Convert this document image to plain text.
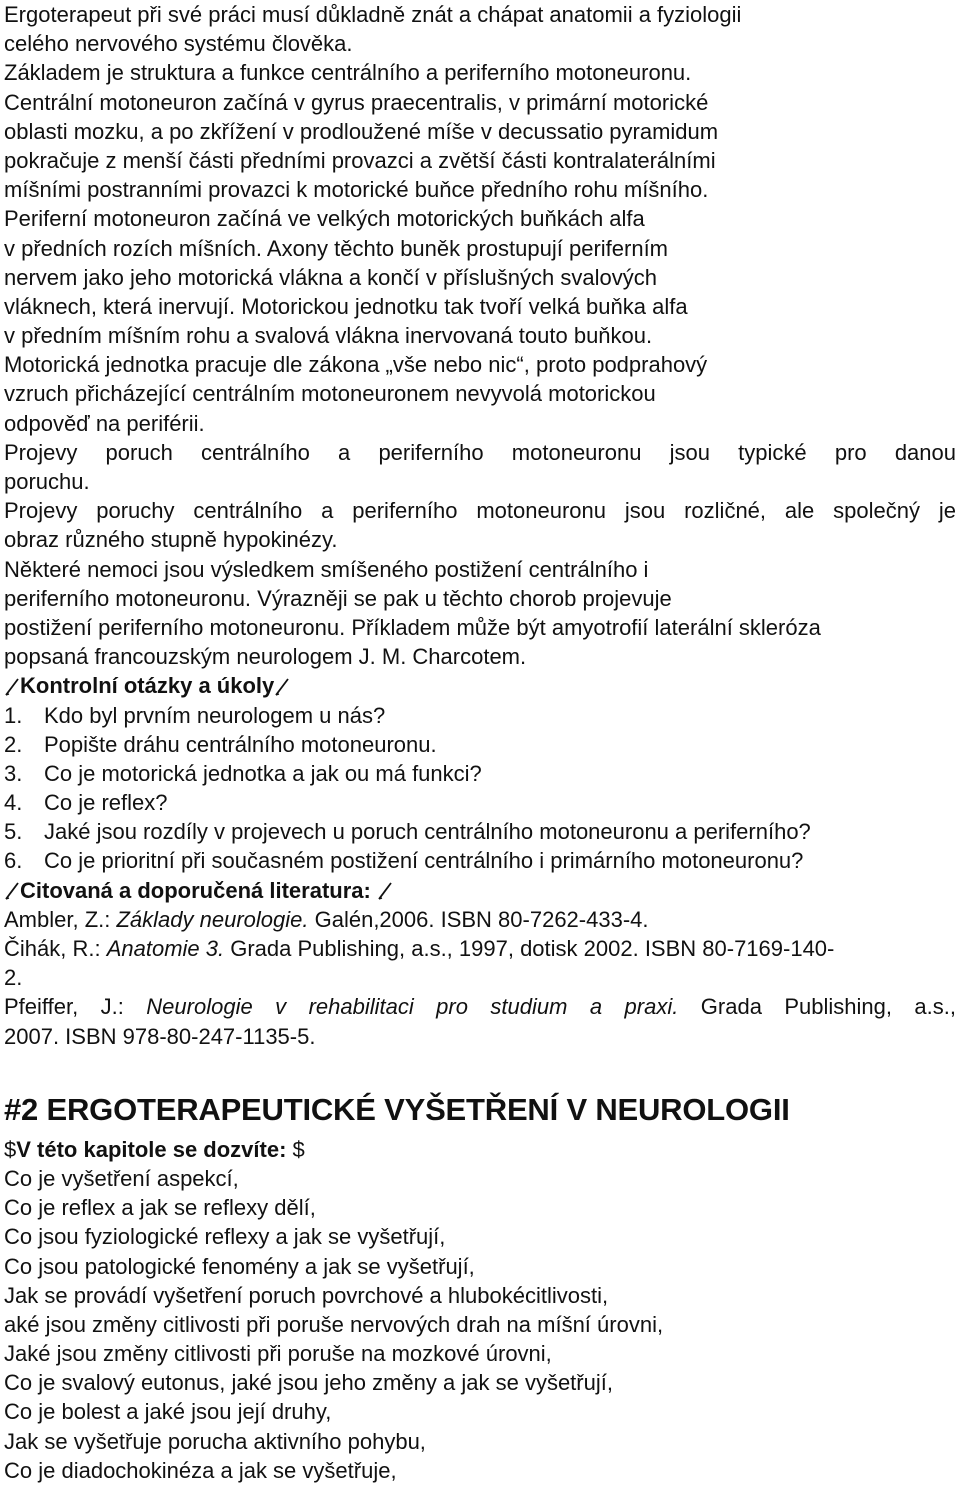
Ergoterapeut při své práci musí důkladně znát a chápat anatomii a fyziologii
celého nervového systému člověka.
Základem je struktura a funkce centrálního a periferního motoneuronu.
Centrální motoneuron začíná v gyrus praecentralis, v primární motorické
oblasti mozku, a po zkřížení v prodloužené míše v decussatio pyramidum
pokračuje z menší části předními provazci a zvětší části kontralaterálními
míšními postranními provazci k motorické buňce předního rohu míšního.
Periferní motoneuron začíná ve velkých motorických buňkách alfa
v předních rozích míšních. Axony těchto buněk prostupují periferním
nervem jako jeho motorická vlákna a končí v příslušných svalových
vláknech, která inervují. Motorickou jednotku tak tvoří velká buňka alfa
v předním míšním rohu a svalová vlákna inervovaná touto buňkou.
Motorická jednotka pracuje dle zákona „vše nebo nic“, proto podprahový
vzruch přicházející centrálním motoneuronem nevyvolá motorickou
odpověď na periférii.
Projevy poruch centrálního a periferního motoneuronu jsou typické pro danou
poruchu.
Projevy poruchy centrálního a periferního motoneuronu jsou rozličné, ale společný je
obraz různého stupně hypokinézy.
Některé nemoci jsou výsledkem smíšeného postižení centrálního i
periferního motoneuronu. Výrazněji se pak u těchto chorob projevuje
postižení periferního motoneuronu. Příkladem může být amyotrofií laterální skleróza
popsaná francouzským neurologem J. M. Charcotem.
Kontrolní otázky a úkoly
1. Kdo byl prvním neurologem u nás?
2. Popište dráhu centrálního motoneuronu.
3. Co je motorická jednotka a jak ou má funkci?
4. Co je reflex?
5. Jaké jsou rozdíly v projevech u poruch centrálního motoneuronu a periferního?
6. Co je prioritní při současném postižení centrálního i primárního motoneuronu?
Citovaná a doporučená literatura:
Ambler, Z.: Základy neurologie. Galén,2006. ISBN 80-7262-433-4.
Čihák, R.: Anatomie 3. Grada Publishing, a.s., 1997, dotisk 2002. ISBN 80-7169-140-
2.
Pfeiffer, J.: Neurologie v rehabilitaci pro studium a praxi. Grada Publishing, a.s.,
2007. ISBN 978-80-247-1135-5.
#2 ERGOTERAPEUTICKÉ VYŠETŘENÍ V NEUROLOGII
$ V této kapitole se dozvíte: $
Co je vyšetření aspekcí,
Co je reflex a jak se reflexy dělí,
Co jsou fyziologické reflexy a jak se vyšetřují,
Co jsou patologické fenomény a jak se vyšetřují,
Jak se provádí vyšetření poruch povrchové a hlubokécitlivosti,
aké jsou změny citlivosti při poruše nervových drah na míšní úrovni,
Jaké jsou změny citlivosti při poruše na mozkové úrovni,
Co je svalový eutonus, jaké jsou jeho změny a jak se vyšetřují,
Co je bolest a jaké jsou její druhy,
Jak se vyšetřuje porucha aktivního pohybu,
Co je diadochokinéza a jak se vyšetřuje,
